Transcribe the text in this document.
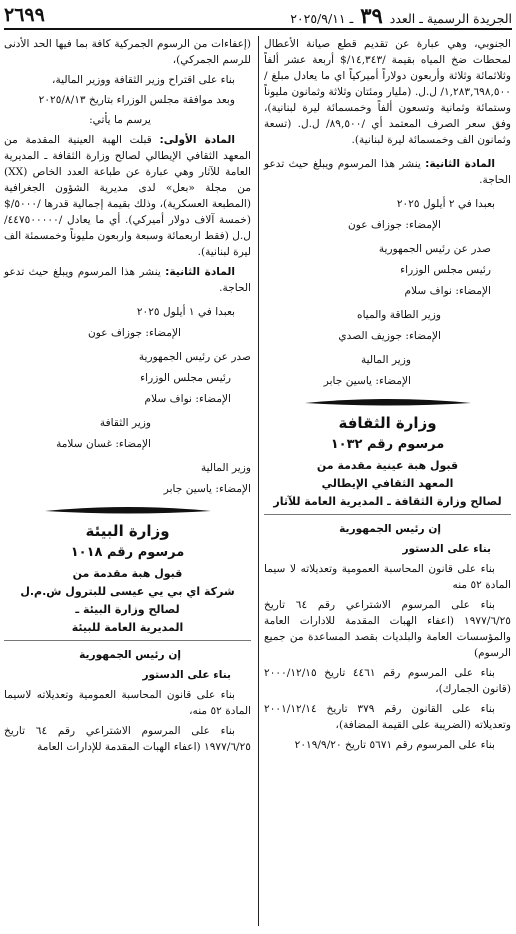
الجريدة الرسمية ـ العدد ٣٩ ـ ٢٠٢٥/٩/١١
٢٦٩٩

الجنوبي، وهي عبارة عن تقديم قطع صيانة الأعطال لمحطات ضخ المياه بقيمة /١٤,٣٤٣/$ أربعة عشر ألفاً وثلاثمائة وثلاثة وأربعون دولاراً أميركياً اي ما يعادل مبلغ /١,٢٨٣,٦٩٨,٥٠٠/ ل.ل. (مليار ومئتان وثلاثة وثمانون مليوناً وستمائة وثمانية وتسعون ألفاً وخمسمائة ليرة لبنانية)، وفق سعر الصرف المعتمد أي /٨٩,٥٠٠/ ل.ل. (تسعة وثمانون الف وخمسمائة ليرة لبنانية).

المادة الثانية: ينشر هذا المرسوم ويبلغ حيث تدعو الحاجة.

بعبدا في ٢ أيلول ٢٠٢٥

الإمضاء: جوزاف عون

صدر عن رئيس الجمهورية

رئيس مجلس الوزراء

الإمضاء: نواف سلام

وزير الطاقة والمياه

الإمضاء: جوزيف الصدي

وزير المالية

الإمضاء: ياسين جابر

وزارة الثقافة
مرسوم رقم ١٠٣٢
قبول هبة عينية مقدمة من
المعهد الثقافي الإيطالي
لصالح وزارة الثقافة ـ المديرية العامة للآثار

إن رئيس الجمهورية

بناء على الدستور

بناء على قانون المحاسبة العمومية وتعديلاته لا سيما المادة ٥٢ منه

بناء على المرسوم الاشتراعي رقم ٦٤ تاريخ ١٩٧٧/٦/٢٥ (اعفاء الهبات المقدمة للادارات العامة والمؤسسات العامة والبلديات بقصد المساعدة من جميع الرسوم)

بناء على المرسوم رقم ٤٤٦١ تاريخ ٢٠٠٠/١٢/١٥ (قانون الجمارك)،

بناء على القانون رقم ٣٧٩ تاريخ ٢٠٠١/١٢/١٤ وتعديلاته (الضريبة على القيمة المضافة)،

بناء على المرسوم رقم ٥٦٧١ تاريخ ٢٠١٩/٩/٢٠

(إعفاءات من الرسوم الجمركية كافة بما فيها الحد الأدنى للرسم الجمركي)،

بناء على اقتراح وزير الثقافة ووزير المالية،

وبعد موافقة مجلس الوزراء بتاريخ ٢٠٢٥/٨/١٣

يرسم ما يأتي:

المادة الأولى: قبلت الهبة العينية المقدمة من المعهد الثقافي الإيطالي لصالح وزارة الثقافة ـ المديرية العامة للآثار وهي عبارة عن طباعة العدد الخاص (XX) من مجلة «بعل» لدى مديرية الشؤون الجغرافية (المطبعة العسكرية)، وذلك بقيمة إجمالية قدرها /٥٠٠٠/$ (خمسة آلاف دولار أميركي). أي ما يعادل /٤٤٧٥٠٠٠٠٠/ ل.ل (فقط اربعمائة وسبعة واربعون مليوناً وخمسمئة الف ليرة لبنانية).

المادة الثانية: ينشر هذا المرسوم ويبلغ حيث تدعو الحاجة.

بعبدا في ١ أيلول ٢٠٢٥

الإمضاء: جوزاف عون

صدر عن رئيس الجمهورية

رئيس مجلس الوزراء

الإمضاء: نواف سلام

وزير الثقافة

الإمضاء: غسان سلامة

وزير المالية

الإمضاء: ياسين جابر

وزارة البيئة
مرسوم رقم ١٠١٨
قبول هبة مقدمة من
شركة اي بي يي عيسى للبترول ش.م.ل
لصالح وزارة البيئة ـ
المديرية العامة للبيئة

إن رئيس الجمهورية

بناء على الدستور

بناء على قانون المحاسبة العمومية وتعديلاته لاسيما المادة ٥٢ منه،

بناء على المرسوم الاشتراعي رقم ٦٤ تاريخ ١٩٧٧/٦/٢٥ (اعفاء الهبات المقدمة للإدارات العامة
